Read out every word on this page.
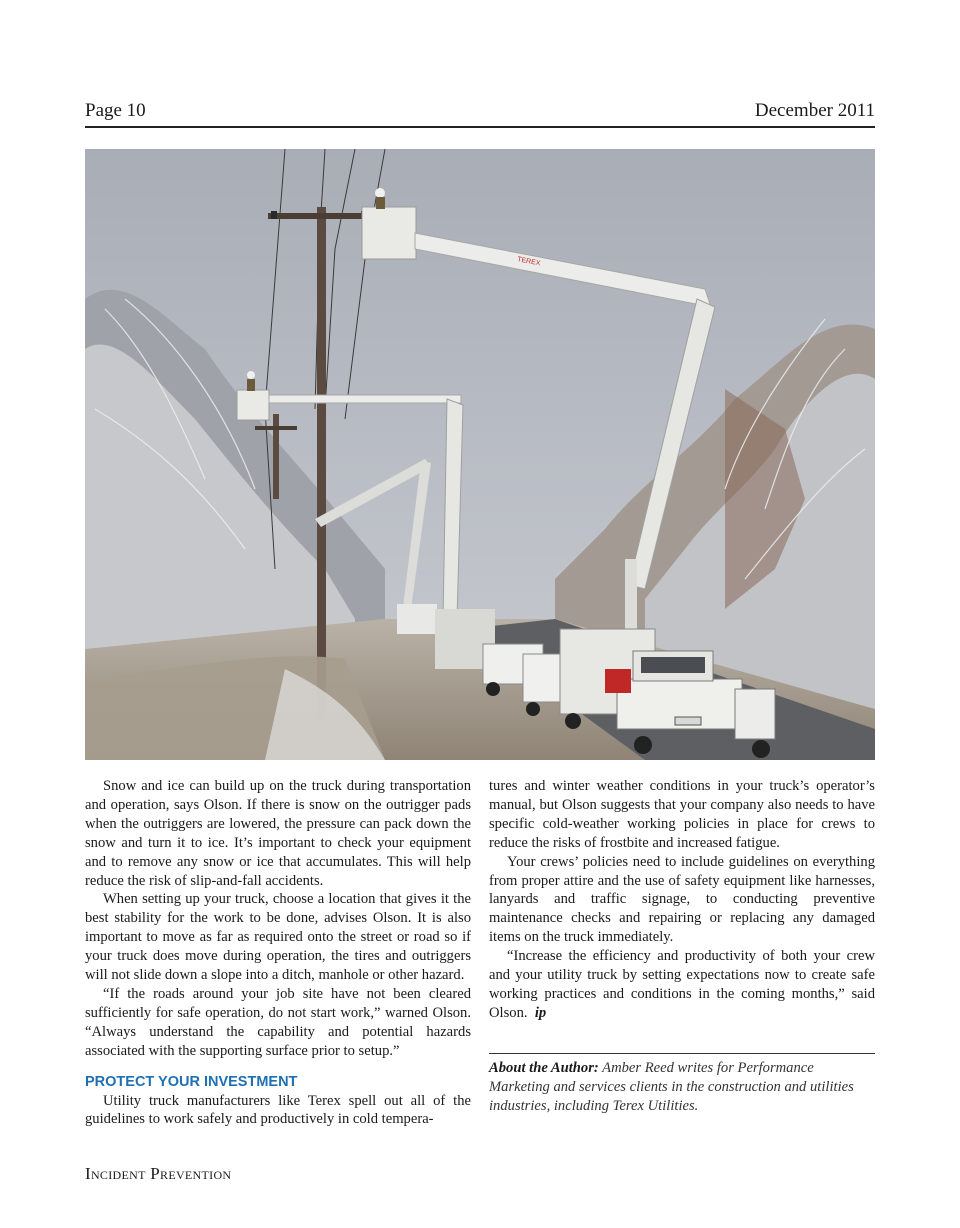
Page 10	December 2011
TEREX

Snow and ice can build up on the truck during transportation and operation, says Olson. If there is snow on the outrigger pads when the outriggers are lowered, the pressure can pack down the snow and turn it to ice. It’s important to check your equipment and to remove any snow or ice that accumulates. This will help reduce the risk of slip-and-fall accidents.

When setting up your truck, choose a location that gives it the best stability for the work to be done, advises Olson. It is also important to move as far as required onto the street or road so if your truck does move during operation, the tires and outriggers will not slide down a slope into a ditch, manhole or other hazard.

“If the roads around your job site have not been cleared sufficiently for safe operation, do not start work,” warned Olson. “Always understand the capability and potential hazards associated with the supporting surface prior to setup.”

PROTECT YOUR INVESTMENT

Utility truck manufacturers like Terex spell out all of the guidelines to work safely and productively in cold tempera-

tures and winter weather conditions in your truck’s operator’s manual, but Olson suggests that your company also needs to have specific cold-weather working policies in place for crews to reduce the risks of frostbite and increased fatigue.

Your crews’ policies need to include guidelines on everything from proper attire and the use of safety equipment like harnesses, lanyards and traffic signage, to conducting preventive maintenance checks and repairing or replacing any damaged items on the truck immediately.

“Increase the efficiency and productivity of both your crew and your utility truck by setting expectations now to create safe working practices and conditions in the coming months,” said Olson. ip

About the Author: Amber Reed writes for Performance Marketing and services clients in the construction and utilities industries, including Terex Utilities.
Incident Prevention
